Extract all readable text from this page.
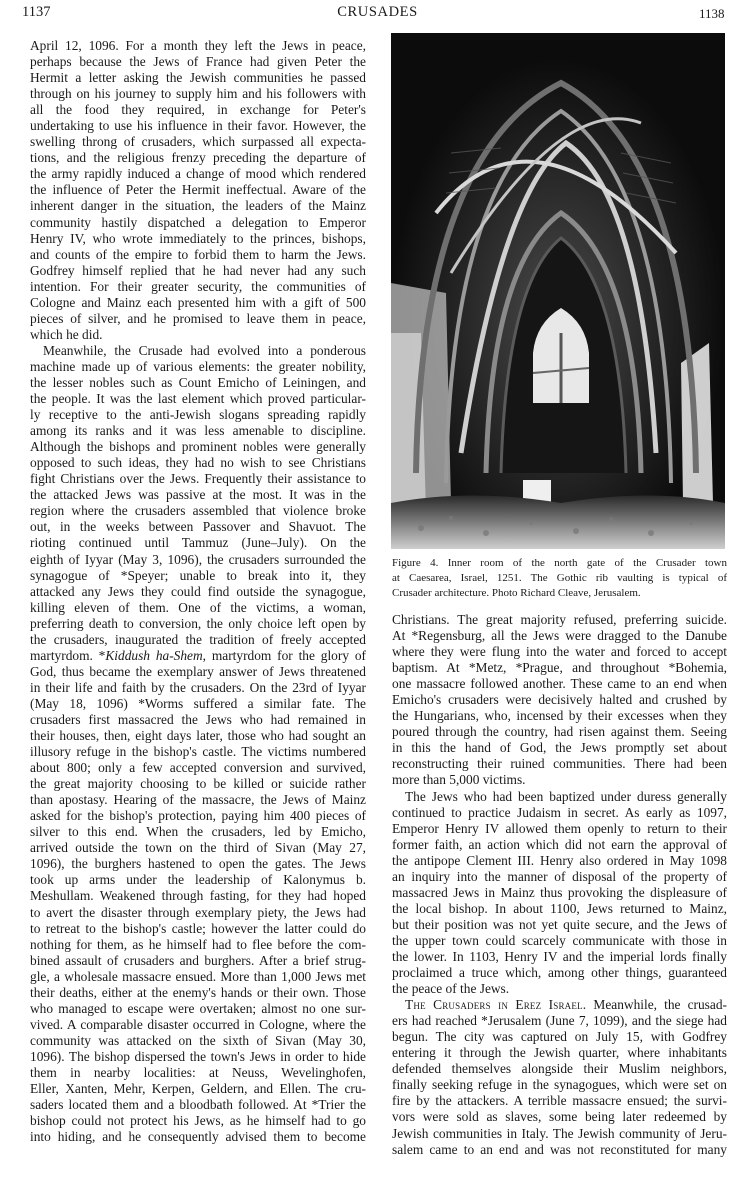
1137	CRUSADES	1138
April 12, 1096. For a month they left the Jews in peace,
perhaps because the Jews of France had given Peter the
Hermit a letter asking the Jewish communities he passed
through on his journey to supply him and his followers with
all the food they required, in exchange for Peter's
undertaking to use his influence in their favor. However, the
swelling throng of crusaders, which surpassed all expecta-
tions, and the religious frenzy preceding the departure of
the army rapidly induced a change of mood which rendered
the influence of Peter the Hermit ineffectual. Aware of the
inherent danger in the situation, the leaders of the Mainz
community hastily dispatched a delegation to Emperor
Henry IV, who wrote immediately to the princes, bishops,
and counts of the empire to forbid them to harm the Jews.
Godfrey himself replied that he had never had any such
intention. For their greater security, the communities of
Cologne and Mainz each presented him with a gift of 500
pieces of silver, and he promised to leave them in peace,
which he did.
Meanwhile, the Crusade had evolved into a ponderous
machine made up of various elements: the greater nobility,
the lesser nobles such as Count Emicho of Leiningen, and
the people. It was the last element which proved particular-
ly receptive to the anti-Jewish slogans spreading rapidly
among its ranks and it was less amenable to discipline.
Although the bishops and prominent nobles were generally
opposed to such ideas, they had no wish to see Christians
fight Christians over the Jews. Frequently their assistance to
the attacked Jews was passive at the most. It was in the
region where the crusaders assembled that violence broke
out, in the weeks between Passover and Shavuot. The
rioting continued until Tammuz (June–July). On the
eighth of Iyyar (May 3, 1096), the crusaders surrounded the
synagogue of *Speyer; unable to break into it, they
attacked any Jews they could find outside the synagogue,
killing eleven of them. One of the victims, a woman,
preferring death to conversion, the only choice left open by
the crusaders, inaugurated the tradition of freely accepted
martyrdom. *Kiddush ha-Shem, martyrdom for the glory of
God, thus became the exemplary answer of Jews threatened
in their life and faith by the crusaders. On the 23rd of Iyyar
(May 18, 1096) *Worms suffered a similar fate. The
crusaders first massacred the Jews who had remained in
their houses, then, eight days later, those who had sought an
illusory refuge in the bishop's castle. The victims numbered
about 800; only a few accepted conversion and survived,
the great majority choosing to be killed or suicide rather
than apostasy. Hearing of the massacre, the Jews of Mainz
asked for the bishop's protection, paying him 400 pieces of
silver to this end. When the crusaders, led by Emicho,
arrived outside the town on the third of Sivan (May 27,
1096), the burghers hastened to open the gates. The Jews
took up arms under the leadership of Kalonymus b.
Meshullam. Weakened through fasting, for they had hoped
to avert the disaster through exemplary piety, the Jews had
to retreat to the bishop's castle; however the latter could do
nothing for them, as he himself had to flee before the com-
bined assault of crusaders and burghers. After a brief strug-
gle, a wholesale massacre ensued. More than 1,000 Jews met
their deaths, either at the enemy's hands or their own. Those
who managed to escape were overtaken; almost no one sur-
vived. A comparable disaster occurred in Cologne, where the
community was attacked on the sixth of Sivan (May 30,
1096). The bishop dispersed the town's Jews in order to hide
them in nearby localities: at Neuss, Wevelinghofen,
Eller, Xanten, Mehr, Kerpen, Geldern, and Ellen. The cru-
saders located them and a bloodbath followed. At *Trier the
bishop could not protect his Jews, as he himself had to go
into hiding, and he consequently advised them to become
Figure 4. Inner room of the north gate of the Crusader town
at Caesarea, Israel, 1251. The Gothic rib vaulting is typical of
Crusader architecture. Photo Richard Cleave, Jerusalem.
Christians. The great majority refused, preferring suicide.
At *Regensburg, all the Jews were dragged to the Danube
where they were flung into the water and forced to accept
baptism. At *Metz, *Prague, and throughout *Bohemia,
one massacre followed another. These came to an end when
Emicho's crusaders were decisively halted and crushed by
the Hungarians, who, incensed by their excesses when they
poured through the country, had risen against them. Seeing
in this the hand of God, the Jews promptly set about
reconstructing their ruined communities. There had been
more than 5,000 victims.
The Jews who had been baptized under duress generally
continued to practice Judaism in secret. As early as 1097,
Emperor Henry IV allowed them openly to return to their
former faith, an action which did not earn the approval of
the antipope Clement III. Henry also ordered in May 1098
an inquiry into the manner of disposal of the property of
massacred Jews in Mainz thus provoking the displeasure of
the local bishop. In about 1100, Jews returned to Mainz,
but their position was not yet quite secure, and the Jews of
the upper town could scarcely communicate with those in
the lower. In 1103, Henry IV and the imperial lords finally
proclaimed a truce which, among other things, guaranteed
the peace of the Jews.
The Crusaders in Erez Israel. Meanwhile, the crusad-
ers had reached *Jerusalem (June 7, 1099), and the siege had
begun. The city was captured on July 15, with Godfrey
entering it through the Jewish quarter, where inhabitants
defended themselves alongside their Muslim neighbors,
finally seeking refuge in the synagogues, which were set on
fire by the attackers. A terrible massacre ensued; the survi-
vors were sold as slaves, some being later redeemed by
Jewish communities in Italy. The Jewish community of Jeru-
salem came to an end and was not reconstituted for many
